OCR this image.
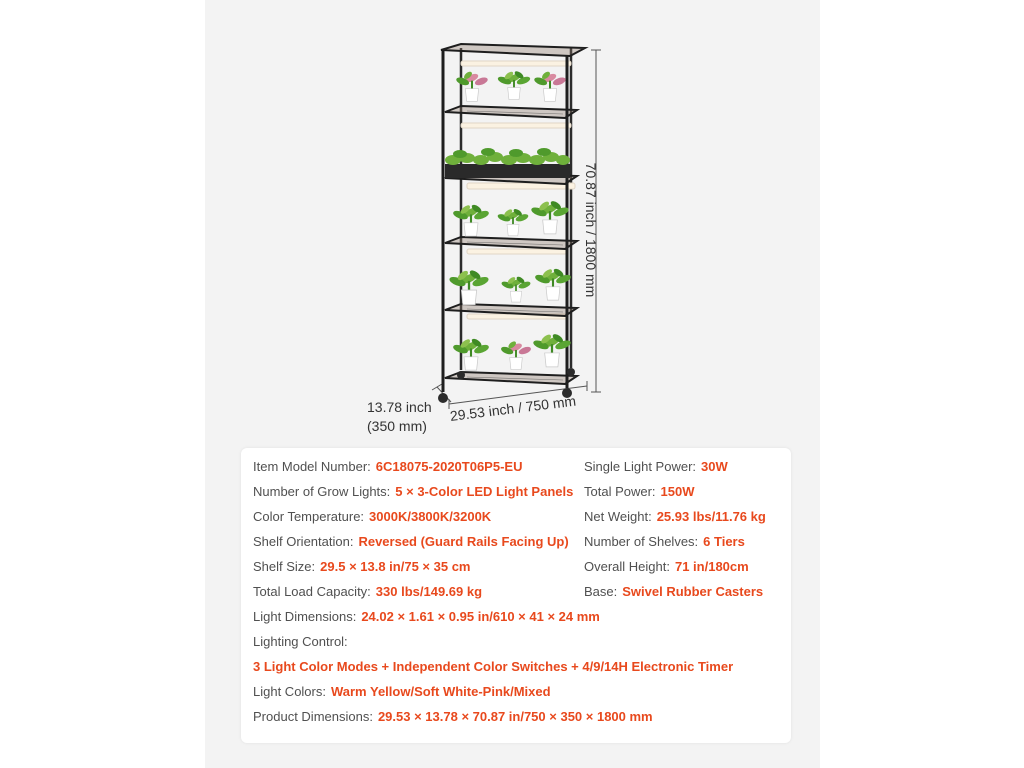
70.87 inch / 1800 mm
29.53 inch / 750 mm
13.78 inch
(350 mm)
Item Model Number: 6C18075-2020T06P5-EU	Single Light Power: 30W
Number of Grow Lights: 5 × 3-Color LED Light Panels Total Power: 150W
Color Temperature: 3000K/3800K/3200K	Net Weight: 25.93 lbs/11.76 kg
Shelf Orientation: Reversed (Guard Rails Facing Up) Number of Shelves: 6 Tiers
Shelf Size: 29.5 × 13.8 in/75 × 35 cm	Overall Height: 71 in/180cm
Total Load Capacity: 330 lbs/149.69 kg	Base: Swivel Rubber Casters
Light Dimensions: 24.02 × 1.61 × 0.95 in/610 × 41 × 24 mm
Lighting Control:
3 Light Color Modes + Independent Color Switches + 4/9/14H Electronic Timer
Light Colors: Warm Yellow/Soft White-Pink/Mixed
Product Dimensions: 29.53 × 13.78 × 70.87 in/750 × 350 × 1800 mm
